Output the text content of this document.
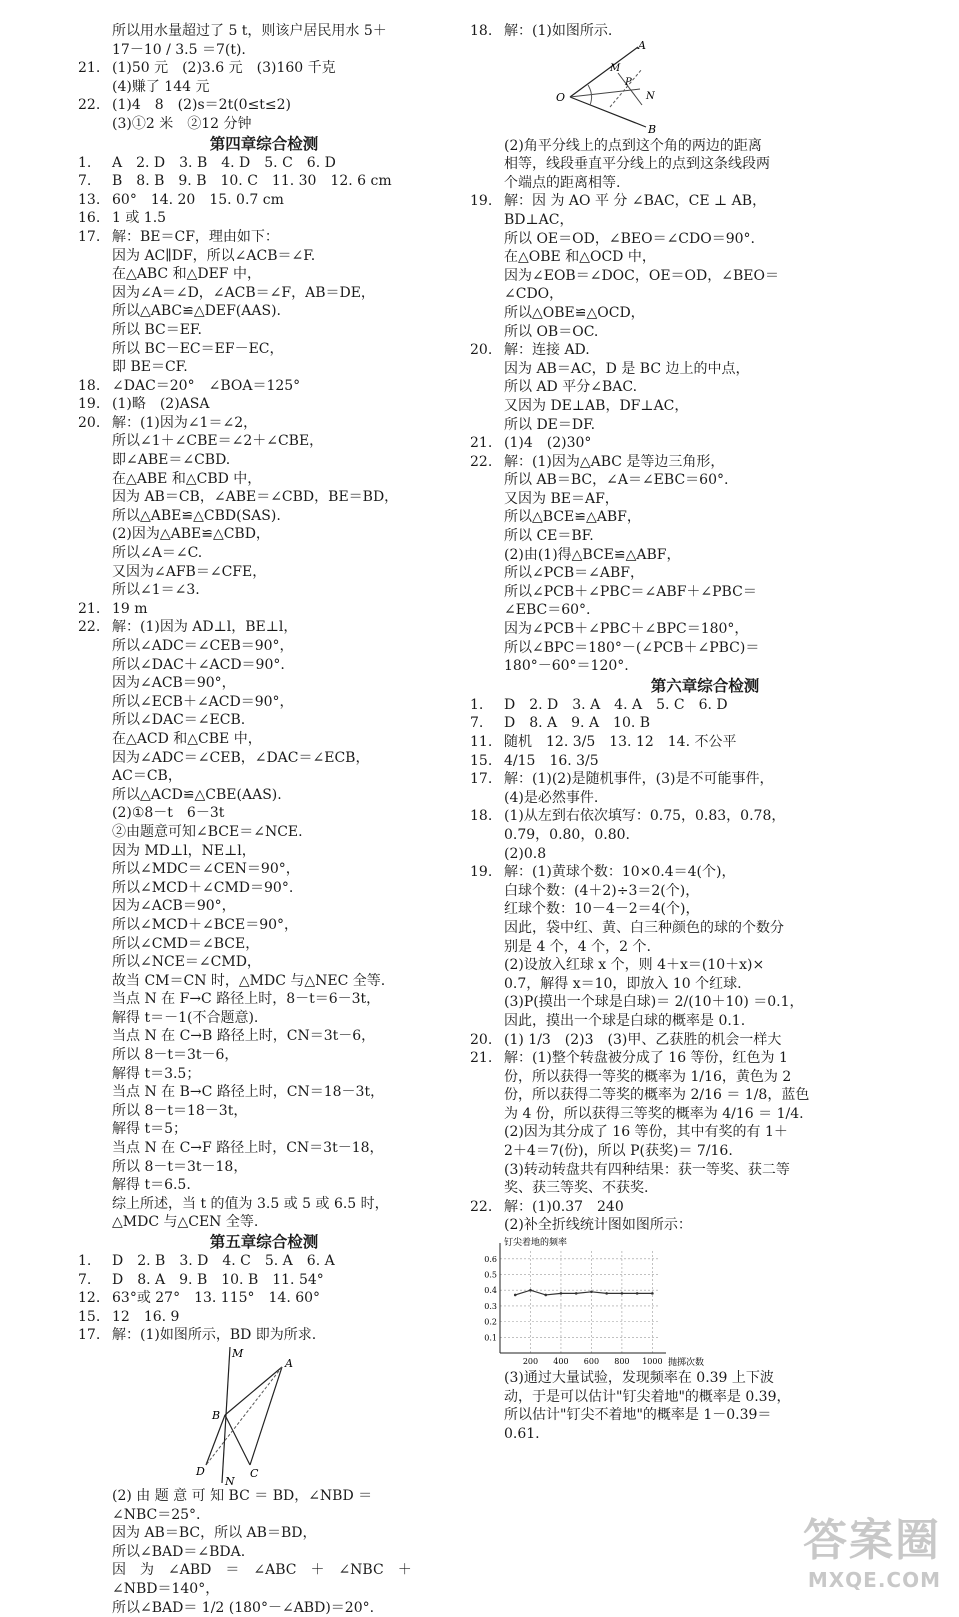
所以用水量超过了 5 t，则该户居民用水 5＋
17－10 / 3.5 ＝7(t).
21. (1)50 元　(2)3.6 元　(3)160 千克
(4)赚了 144 元
22. (1)4　8　(2)s＝2t(0≤t≤2)
(3)①2 米　②12 分钟
第四章综合检测
1. A　2. D　3. B　4. D　5. C　6. D
7. B　8. B　9. B　10. C　11. 30　12. 6 cm
13. 60°　14. 20　15. 0.7 cm
16. 1 或 1.5
17. 解：BE＝CF，理由如下：
因为 AC∥DF，所以∠ACB＝∠F.
在△ABC 和△DEF 中，
因为∠A＝∠D，∠ACB＝∠F，AB＝DE，
所以△ABC≌△DEF(AAS).
所以 BC＝EF.
所以 BC－EC＝EF－EC，
即 BE＝CF.
18. ∠DAC＝20°　∠BOA＝125°
19. (1)略　(2)ASA
20. 解：(1)因为∠1＝∠2，
所以∠1＋∠CBE＝∠2＋∠CBE，
即∠ABE＝∠CBD.
在△ABE 和△CBD 中，
因为 AB＝CB，∠ABE＝∠CBD，BE＝BD，
所以△ABE≌△CBD(SAS).
(2)因为△ABE≌△CBD，
所以∠A＝∠C.
又因为∠AFB＝∠CFE，
所以∠1＝∠3.
21. 19 m
22. 解：(1)因为 AD⊥l，BE⊥l，
所以∠ADC＝∠CEB＝90°，
所以∠DAC＋∠ACD＝90°.
因为∠ACB＝90°，
所以∠ECB＋∠ACD＝90°，
所以∠DAC＝∠ECB.
在△ACD 和△CBE 中，
因为∠ADC＝∠CEB，∠DAC＝∠ECB，
AC＝CB，
所以△ACD≌△CBE(AAS).
(2)①8－t　6－3t
②由题意可知∠BCE＝∠NCE.
因为 MD⊥l，NE⊥l，
所以∠MDC＝∠CEN＝90°，
所以∠MCD＋∠CMD＝90°.
因为∠ACB＝90°，
所以∠MCD＋∠BCE＝90°，
所以∠CMD＝∠BCE，
所以∠NCE＝∠CMD，
故当 CM＝CN 时，△MDC 与△NEC 全等.
当点 N 在 F→C 路径上时，8－t＝6－3t，
解得 t＝－1(不合题意).
当点 N 在 C→B 路径上时，CN＝3t－6，
所以 8－t＝3t－6，
解得 t＝3.5；
当点 N 在 B→C 路径上时，CN＝18－3t，
所以 8－t＝18－3t，
解得 t＝5；
当点 N 在 C→F 路径上时，CN＝3t－18，
所以 8－t＝3t－18，
解得 t＝6.5.
综上所述，当 t 的值为 3.5 或 5 或 6.5 时，
△MDC 与△CEN 全等.
第五章综合检测
1. D　2. B　3. D　4. C　5. A　6. A
7. D　8. A　9. B　10. B　11. 54°
12. 63°或 27°　13. 115°　14. 60°
15. 12　16. 9
17. 解：(1)如图所示，BD 即为所求.
M
A
B
D	C
N
(2) 由 题 意 可 知 BC ＝ BD，∠NBD ＝
∠NBC＝25°.
因为 AB＝BC，所以 AB＝BD，
所以∠BAD＝∠BDA.
因　为　∠ABD　＝　∠ABC　＋　∠NBC　＋
∠NBD＝140°，
所以∠BAD＝ 1/2 (180°－∠ABD)＝20°.
18. 解：(1)如图所示.
A
O
M
P
N
B
(2)角平分线上的点到这个角的两边的距离
相等，线段垂直平分线上的点到这条线段两
个端点的距离相等.
19. 解：因 为 AO 平 分 ∠BAC，CE ⊥ AB，
BD⊥AC，
所以 OE＝OD，∠BEO＝∠CDO＝90°.
在△OBE 和△OCD 中，
因为∠EOB＝∠DOC，OE＝OD，∠BEO＝
∠CDO，
所以△OBE≌△OCD，
所以 OB＝OC.
20. 解：连接 AD.
因为 AB＝AC，D 是 BC 边上的中点，
所以 AD 平分∠BAC.
又因为 DE⊥AB，DF⊥AC，
所以 DE＝DF.
21. (1)4　(2)30°
22. 解：(1)因为△ABC 是等边三角形，
所以 AB＝BC，∠A＝∠EBC＝60°.
又因为 BE＝AF，
所以△BCE≌△ABF，
所以 CE＝BF.
(2)由(1)得△BCE≌△ABF，
所以∠PCB＝∠ABF，
所以∠PCB＋∠PBC＝∠ABF＋∠PBC＝
∠EBC＝60°.
因为∠PCB＋∠PBC＋∠BPC＝180°，
所以∠BPC＝180°－(∠PCB＋∠PBC)＝
180°－60°＝120°.
第六章综合检测
1. D　2. D　3. A　4. A　5. C　6. D
7. D　8. A　9. A　10. B
11. 随机　12. 3/5　13. 12　14. 不公平
15. 4/15　16. 3/5
17. 解：(1)(2)是随机事件，(3)是不可能事件，
(4)是必然事件.
18. (1)从左到右依次填写：0.75，0.83，0.78，
0.79，0.80，0.80.
(2)0.8
19. 解：(1)黄球个数：10×0.4＝4(个)，
白球个数：(4＋2)÷3＝2(个)，
红球个数：10－4－2＝4(个)，
因此，袋中红、黄、白三种颜色的球的个数分
别是 4 个，4 个，2 个.
(2)设放入红球 x 个，则 4＋x＝(10＋x)×
0.7，解得 x＝10，即放入 10 个红球.
(3)P(摸出一个球是白球)＝ 2/(10＋10) ＝0.1，
因此，摸出一个球是白球的概率是 0.1.
20. (1) 1/3　(2)3　(3)甲、乙获胜的机会一样大
21. 解：(1)整个转盘被分成了 16 等份，红色为 1
份，所以获得一等奖的概率为 1/16，黄色为 2
份，所以获得二等奖的概率为 2/16 ＝ 1/8，蓝色
为 4 份，所以获得三等奖的概率为 4/16 ＝ 1/4.
(2)因为其分成了 16 等份，其中有奖的有 1＋
2＋4＝7(份)，所以 P(获奖)＝ 7/16.
(3)转动转盘共有四种结果：获一等奖、获二等
奖、获三等奖、不获奖.
22. 解：(1)0.37　240
(2)补全折线统计图如图所示：
钉尖着地的频率
抛掷次数
0.1
0.2
0.3
0.4
0.5
0.6
200 400 600 800 1000
(3)通过大量试验，发现频率在 0.39 上下波
动，于是可以估计"钉尖着地"的概率是 0.39，
所以估计"钉尖不着地"的概率是 1－0.39＝
0.61.
答案圈
MXQE.COM
